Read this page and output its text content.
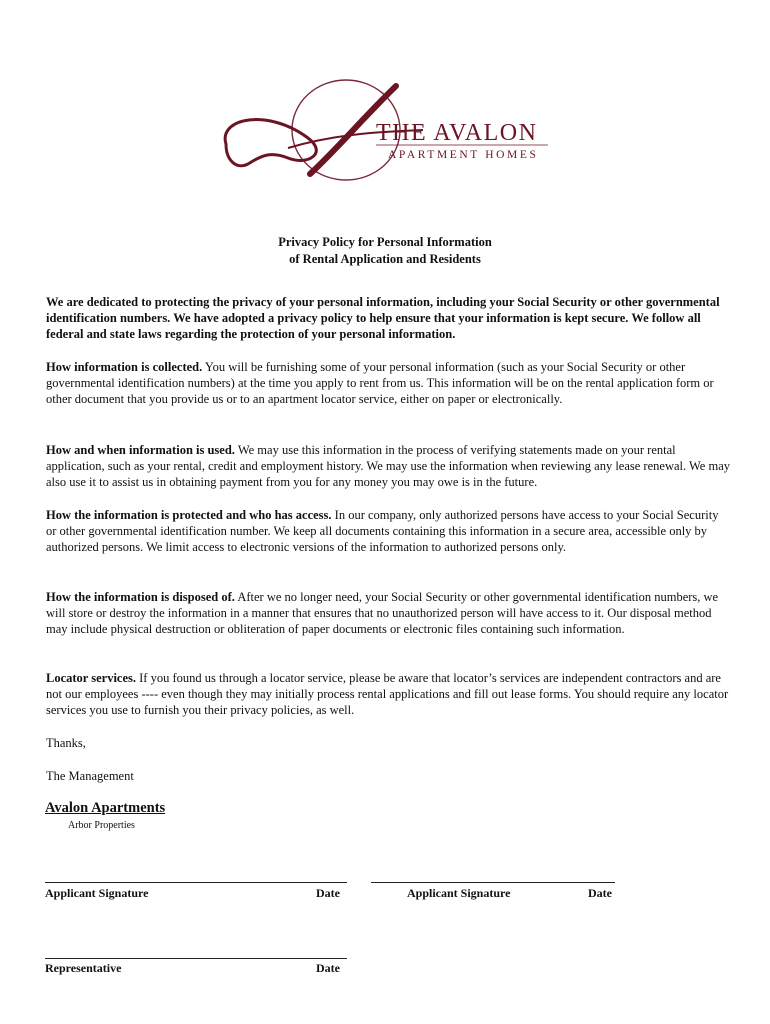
THE AVALON
APARTMENT HOMES
Privacy Policy for Personal Information
of Rental Application and Residents

We are dedicated to protecting the privacy of your personal information, including your Social Security or other governmental identification numbers. We have adopted a privacy policy to help ensure that your information is kept secure. We follow all federal and state laws regarding the protection of your personal information.

How information is collected. You will be furnishing some of your personal information (such as your Social Security or other governmental identification numbers) at the time you apply to rent from us. This information will be on the rental application form or other document that you provide us or to an apartment locator service, either on paper or electronically.

How and when information is used. We may use this information in the process of verifying statements made on your rental application, such as your rental, credit and employment history. We may use the information when reviewing any lease renewal. We may also use it to assist us in obtaining payment from you for any money you may owe is in the future.

How the information is protected and who has access. In our company, only authorized persons have access to your Social Security or other governmental identification number. We keep all documents containing this information in a secure area, accessible only by authorized persons. We limit access to electronic versions of the information to authorized persons only.

How the information is disposed of. After we no longer need, your Social Security or other governmental identification numbers, we will store or destroy the information in a manner that ensures that no unauthorized person will have access to it. Our disposal method may include physical destruction or obliteration of paper documents or electronic files containing such information.

Locator services. If you found us through a locator service, please be aware that locator’s services are independent contractors and are not our employees ---- even though they may initially process rental applications and fill out lease forms. You should require any locator services you use to furnish you their privacy policies, as well.

Thanks,
The Management
Avalon Apartments
Arbor Properties
Applicant Signature	Date	Applicant Signature	Date
Representative	Date
